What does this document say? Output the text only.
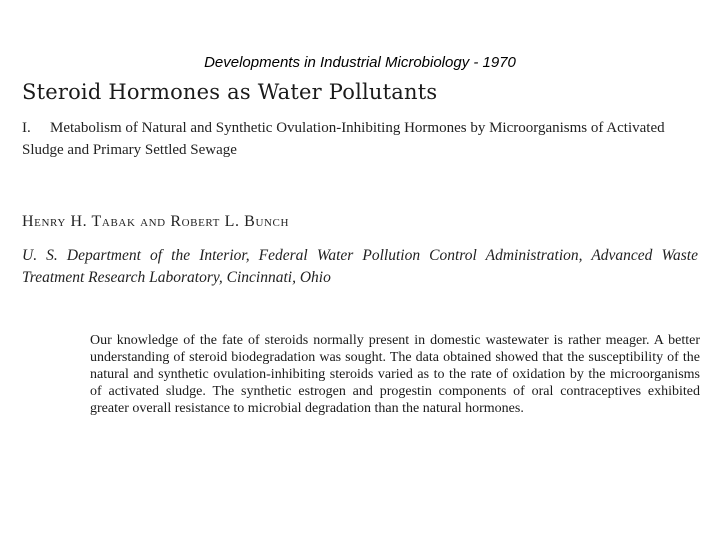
Developments in Industrial Microbiology - 1970
Steroid Hormones as Water Pollutants
I. Metabolism of Natural and Synthetic Ovulation-Inhibiting Hormones by Microorganisms of Activated Sludge and Primary Settled Sewage
Henry H. Tabak and Robert L. Bunch
U. S. Department of the Interior, Federal Water Pollution Control Administration, Advanced Waste Treatment Research Laboratory, Cincinnati, Ohio
Our knowledge of the fate of steroids normally present in domestic wastewater is rather meager. A better understanding of steroid biodegradation was sought. The data obtained showed that the susceptibility of the natural and synthetic ovulation-inhibiting steroids varied as to the rate of oxidation by the microorganisms of activated sludge. The synthetic estrogen and progestin components of oral contraceptives exhibited greater overall resistance to microbial degradation than the natural hormones.
